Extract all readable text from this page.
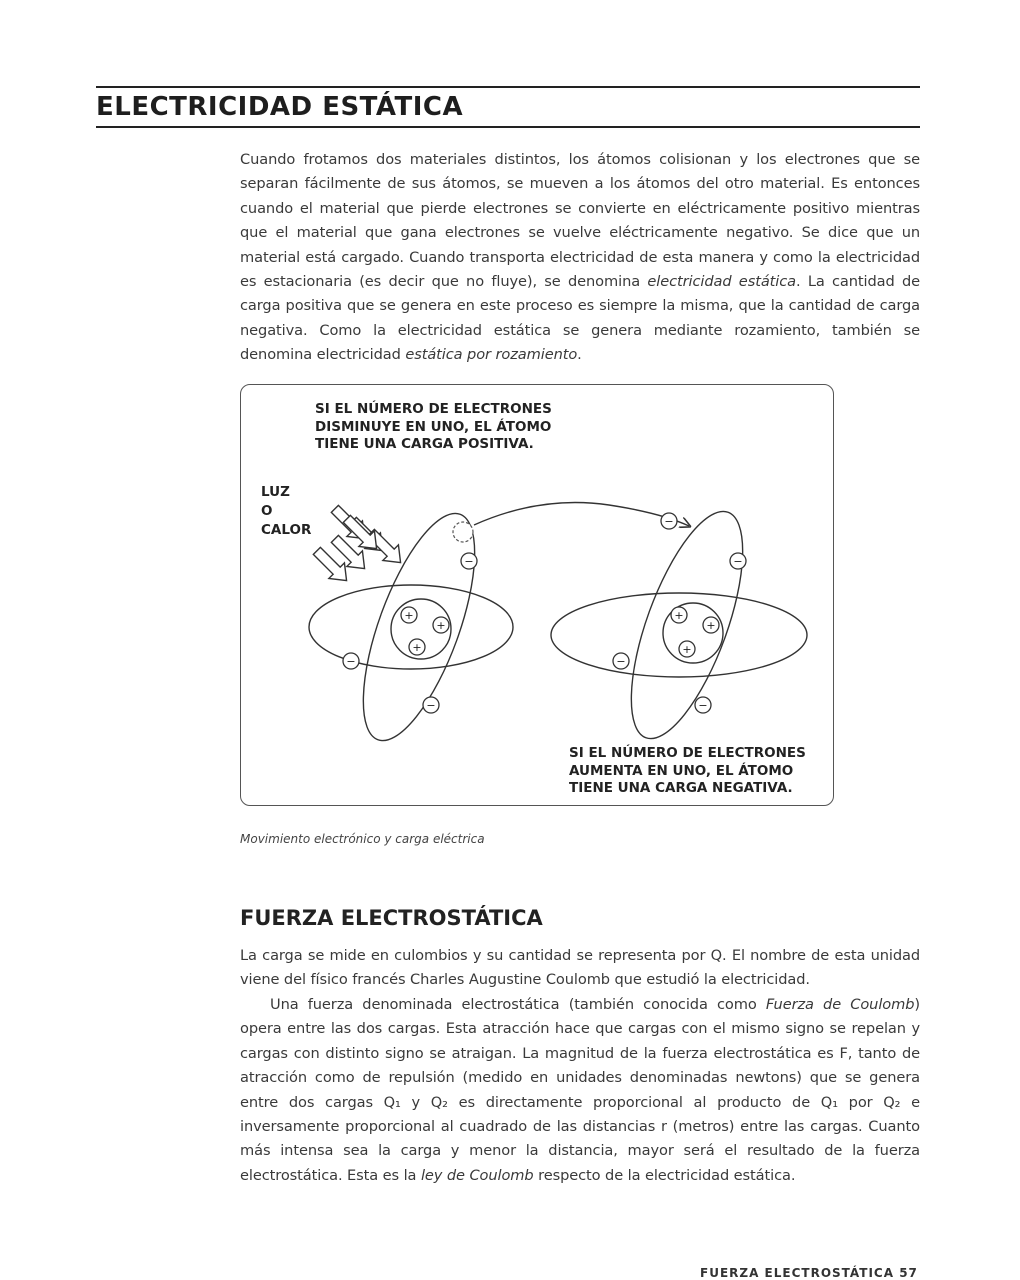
ELECTRICIDAD ESTÁTICA

Cuando frotamos dos materiales distintos, los átomos colisionan y los electrones que se separan fácilmente de sus átomos, se mueven a los átomos del otro material. Es entonces cuando el material que pierde electrones se convierte en eléctricamente positivo mientras que el material que gana electrones se vuelve eléctricamente negativo. Se dice que un material está cargado. Cuando transporta electricidad de esta manera y como la electricidad es estacionaria (es decir que no fluye), se denomina electricidad estática. La cantidad de carga positiva que se genera en este proceso es siempre la misma, que la cantidad de carga negativa. Como la electricidad estática se genera mediante rozamiento, también se denomina electricidad estática por rozamiento.

SI EL NÚMERO DE ELECTRONES
DISMINUYE EN UNO, EL ÁTOMO
TIENE UNA CARGA POSITIVA.

LUZ
O
CALOR

SI EL NÚMERO DE ELECTRONES
AUMENTA EN UNO, EL ÁTOMO
TIENE UNA CARGA NEGATIVA.

+
+
+
+
+
+
−
−
−
−
−
−
−

Movimiento electrónico y carga eléctrica

FUERZA ELECTROSTÁTICA

La carga se mide en culombios y su cantidad se representa por Q. El nombre de esta unidad viene del físico francés Charles Augustine Coulomb que estudió la electricidad.

Una fuerza denominada electrostática (también conocida como Fuerza de Coulomb) opera entre las dos cargas. Esta atracción hace que cargas con el mismo signo se repelan y cargas con distinto signo se atraigan. La magnitud de la fuerza electrostática es F, tanto de atracción como de repulsión (medido en unidades denominadas newtons) que se genera entre dos cargas Q₁ y Q₂ es directamente proporcional al producto de Q₁ por Q₂ e inversamente proporcional al cuadrado de las distancias r (metros) entre las cargas. Cuanto más intensa sea la carga y menor la distancia, mayor será el resultado de la fuerza electrostática. Esta es la ley de Coulomb respecto de la electricidad estática.

FUERZA ELECTROSTÁTICA 57
